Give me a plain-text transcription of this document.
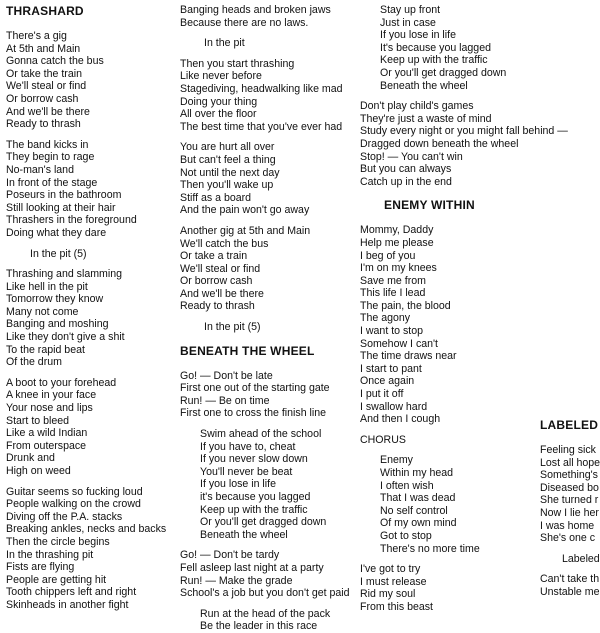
THRASHARD
There's a gig
At 5th and Main
Gonna catch the bus
Or take the train
We'll steal or find
Or borrow cash
And we'll be there
Ready to thrash
The band kicks in
They begin to rage
No-man's land
In front of the stage
Poseurs in the bathroom
Still looking at their hair
Thrashers in the foreground
Doing what they dare
In the pit (5)
Thrashing and slamming
Like hell in the pit
Tomorrow they know
Many not come
Banging and moshing
Like they don't give a shit
To the rapid beat
Of the drum
A boot to your forehead
A knee in your face
Your nose and lips
Start to bleed
Like a wild Indian
From outerspace
Drunk and
High on weed
Guitar seems so fucking loud
People walking on the crowd
Diving off the P.A. stacks
Breaking ankles, necks and backs
Then the circle begins
In the thrashing pit
Fists are flying
People are getting hit
Tooth chippers left and right
Skinheads in another fight
Banging heads and broken jaws
Because there are no laws.
In the pit
Then you start thrashing
Like never before
Stagediving, headwalking like mad
Doing your thing
All over the floor
The best time that you've ever had
You are hurt all over
But can't feel a thing
Not until the next day
Then you'll wake up
Stiff as a board
And the pain won't go away
Another gig at 5th and Main
We'll catch the bus
Or take a train
We'll steal or find
Or borrow cash
And we'll be there
Ready to thrash
In the pit (5)
BENEATH THE WHEEL
Go! — Don't be late
First one out of the starting gate
Run! — Be on time
First one to cross the finish line
Swim ahead of the school
If you have to, cheat
If you never slow down
You'll never be beat
If you lose in life
it's because you lagged
Keep up with the traffic
Or you'll get dragged down
Beneath the wheel
Go! — Don't be tardy
Fell asleep last night at a party
Run! — Make the grade
School's a job but you don't get paid
Run at the head of the pack
Be the leader in this race
Stay up front
Just in case
If you lose in life
It's because you lagged
Keep up with the traffic
Or you'll get dragged down
Beneath the wheel
Don't play child's games
They're just a waste of mind
Study every night or you might fall behind —
Dragged down beneath the wheel
Stop! — You can't win
But you can always
Catch up in the end
ENEMY WITHIN
Mommy, Daddy
Help me please
I beg of you
I'm on my knees
Save me from
This life I lead
The pain, the blood
The agony
I want to stop
Somehow I can't
The time draws near
I start to pant
Once again
I put it off
I swallow hard
And then I cough
CHORUS
Enemy
Within my head
I often wish
That I was dead
No self control
Of my own mind
Got to stop
There's no more time
I've got to try
I must release
Rid my soul
From this beast
LABELED
Feeling sick
Lost all hope
Something's
Diseased bo
She turned r
Now I lie her
I was home
She's one c
Labeled
Can't take th
Unstable me
